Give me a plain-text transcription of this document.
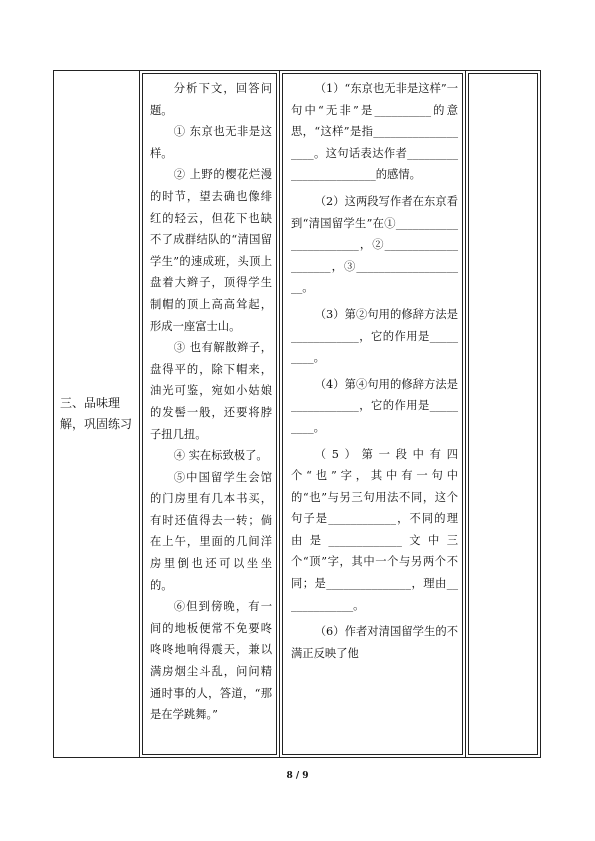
三、品味理解，巩固练习	

分析下文，回答问题。

① 东京也无非是这样。

② 上野的樱花烂漫的时节，望去确也像绯红的轻云，但花下也缺不了成群结队的“清国留学生”的速成班，头顶上盘着大辫子，顶得学生制帽的顶上高高耸起，形成一座富士山。

③ 也有解散辫子，盘得平的，除下帽来，油光可鉴，宛如小姑娘的发髻一般，还要将脖子扭几扭。

④ 实在标致极了。

⑤中国留学生会馆的门房里有几本书买，有时还值得去一转；倘在上午，里面的几间洋房里倒也还可以坐坐的。

⑥但到傍晚，有一间的地板便常不免要咚咚咚地响得震天，兼以满房烟尘斗乱，问问精通时事的人，答道，“那是在学跳舞。”

（1）“东京也无非是这样”一句中“无非”是__________的意思，“这样”是指___________________。这句话表达作者________________________的感情。

（2）这两段写作者在东京看到“清国留学生”在①_______________________，②____________________，③____________________。

（3）第②句用的修辞方法是____________，它的作用是_________。

（4）第④句用的修辞方法是____________，它的作用是_________。

（5）第一段中有四个“也”字，其中有一句中的“也”与另三句用法不同，这个句子是____________，不同的理由是_____________文中三个“顶”字，其中一个与另两个不同；是_______________，理由_____________。

（6）作者对清国留学生的不满正反映了他

8 / 9
